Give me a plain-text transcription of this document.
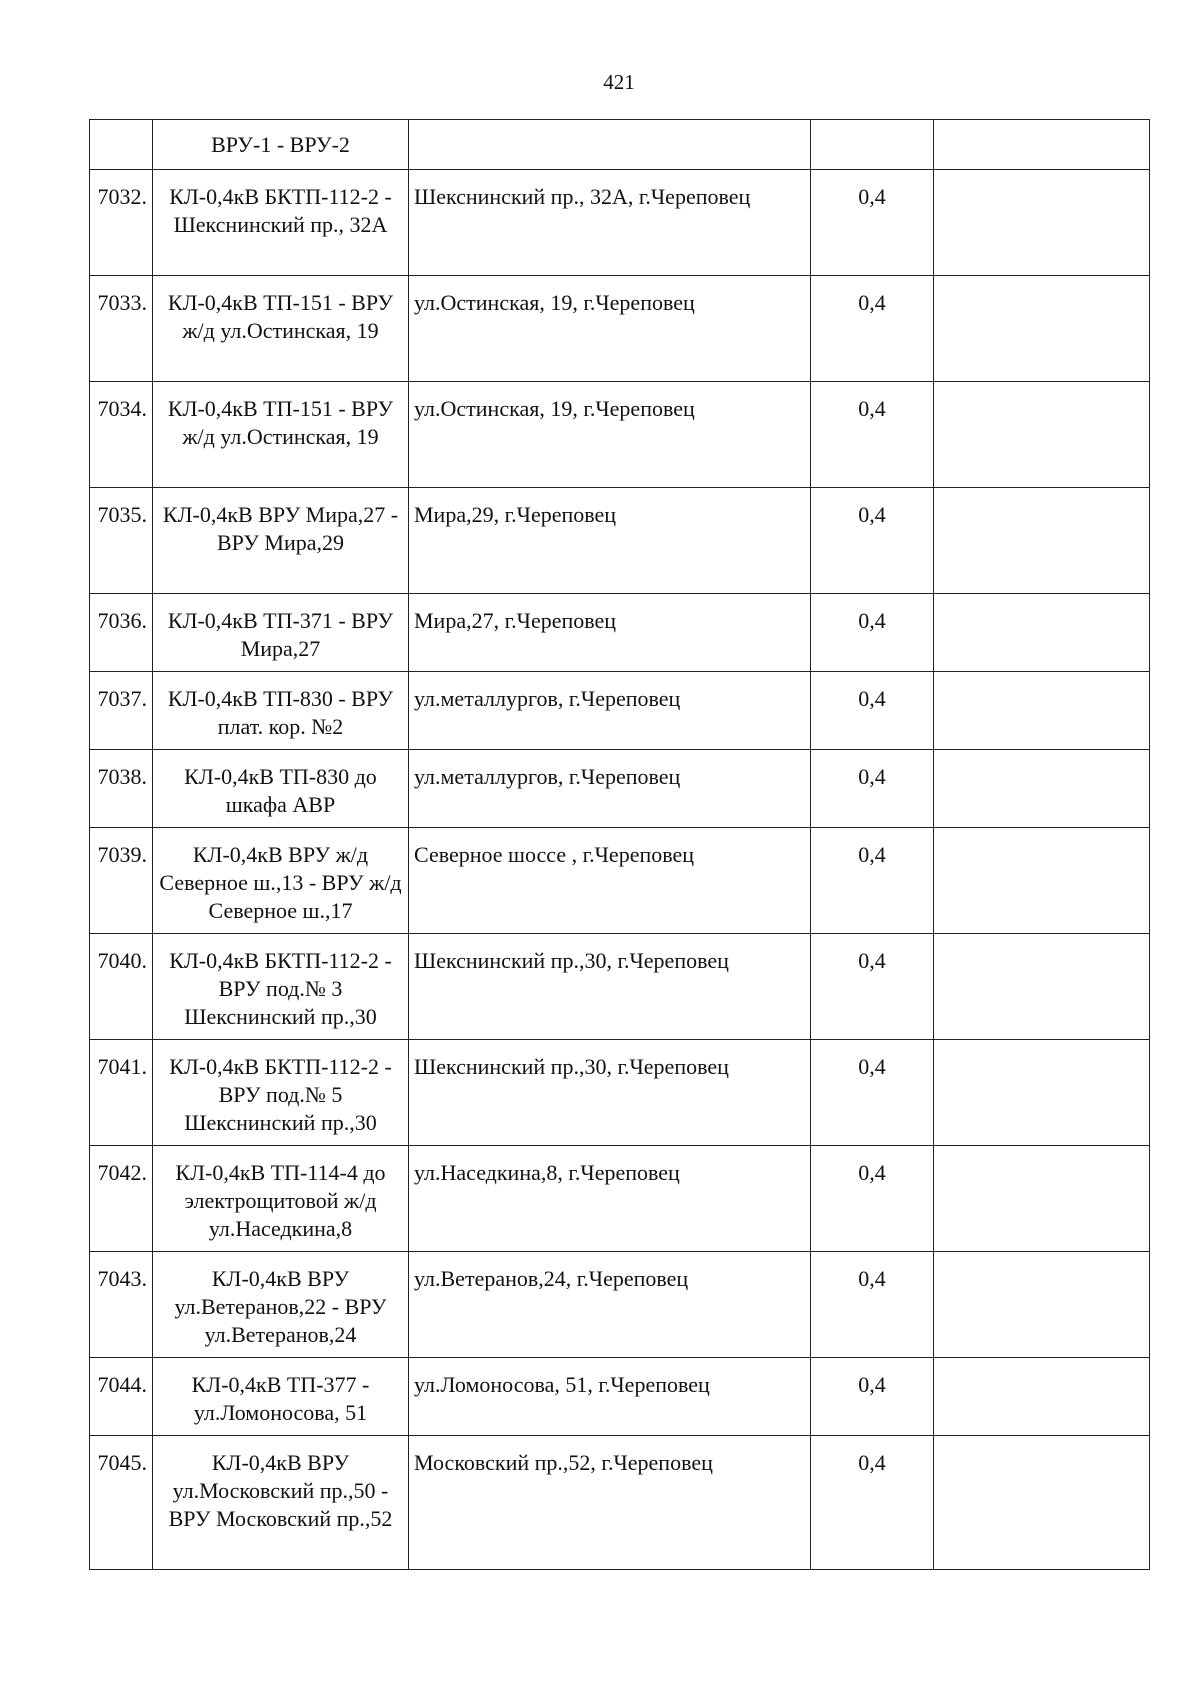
421
	ВРУ-1 - ВРУ-2			
7032.	КЛ-0,4кВ БКТП-112-2 - Шекснинский пр., 32А	Шекснинский пр., 32А, г.Череповец	0,4	
7033.	КЛ-0,4кВ ТП-151 - ВРУ ж/д ул.Остинская, 19	ул.Остинская, 19, г.Череповец	0,4	
7034.	КЛ-0,4кВ ТП-151 - ВРУ ж/д ул.Остинская, 19	ул.Остинская, 19, г.Череповец	0,4	
7035.	КЛ-0,4кВ ВРУ Мира,27 - ВРУ Мира,29	Мира,29, г.Череповец	0,4	
7036.	КЛ-0,4кВ ТП-371 - ВРУ Мира,27	Мира,27, г.Череповец	0,4	
7037.	КЛ-0,4кВ ТП-830 - ВРУ плат. кор. №2	ул.металлургов, г.Череповец	0,4	
7038.	КЛ-0,4кВ ТП-830 до шкафа АВР	ул.металлургов, г.Череповец	0,4	
7039.	КЛ-0,4кВ ВРУ ж/д Северное ш.,13 - ВРУ ж/д Северное ш.,17	Северное шоссе , г.Череповец	0,4	
7040.	КЛ-0,4кВ БКТП-112-2 - ВРУ под.№ 3 Шекснинский пр.,30	Шекснинский пр.,30, г.Череповец	0,4	
7041.	КЛ-0,4кВ БКТП-112-2 - ВРУ под.№ 5 Шекснинский пр.,30	Шекснинский пр.,30, г.Череповец	0,4	
7042.	КЛ-0,4кВ ТП-114-4 до электрощитовой ж/д ул.Наседкина,8	ул.Наседкина,8, г.Череповец	0,4	
7043.	КЛ-0,4кВ ВРУ ул.Ветеранов,22 - ВРУ ул.Ветеранов,24	ул.Ветеранов,24, г.Череповец	0,4	
7044.	КЛ-0,4кВ ТП-377 - ул.Ломоносова, 51	ул.Ломоносова, 51, г.Череповец	0,4	
7045.	КЛ-0,4кВ ВРУ ул.Московский пр.,50 - ВРУ Московский пр.,52	Московский пр.,52, г.Череповец	0,4	
